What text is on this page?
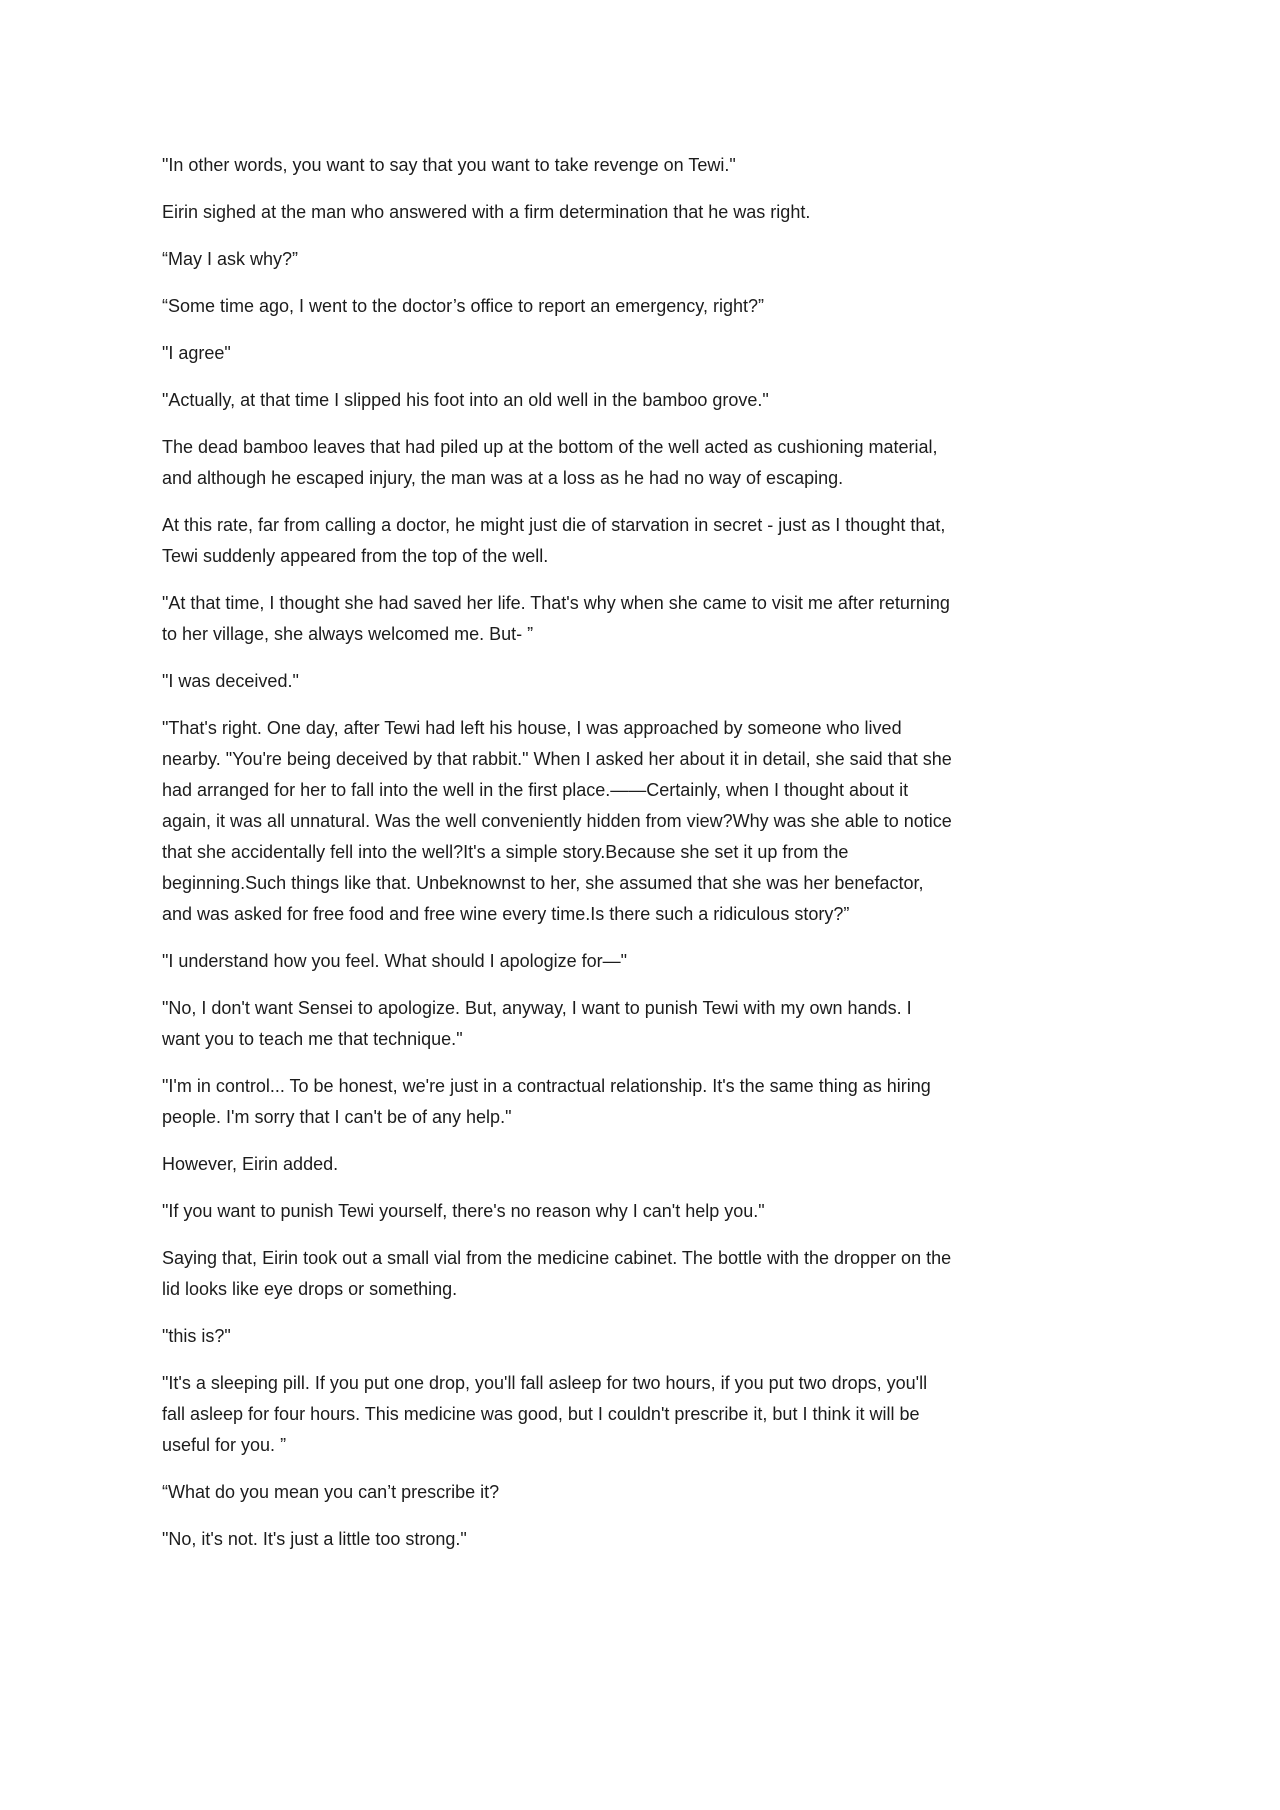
"In other words, you want to say that you want to take revenge on Tewi."

Eirin sighed at the man who answered with a firm determination that he was right.

“May I ask why?”

“Some time ago, I went to the doctor’s office to report an emergency, right?”

"I agree"

"Actually, at that time I slipped his foot into an old well in the bamboo grove."

The dead bamboo leaves that had piled up at the bottom of the well acted as cushioning material, and although he escaped injury, the man was at a loss as he had no way of escaping.

At this rate, far from calling a doctor, he might just die of starvation in secret - just as I thought that, Tewi suddenly appeared from the top of the well.

"At that time, I thought she had saved her life. That's why when she came to visit me after returning to her village, she always welcomed me. But- ”

"I was deceived."

"That's right. One day, after Tewi had left his house, I was approached by someone who lived nearby. "You're being deceived by that rabbit." When I asked her about it in detail, she said that she had arranged for her to fall into the well in the first place.——Certainly, when I thought about it again, it was all unnatural. Was the well conveniently hidden from view?Why was she able to notice that she accidentally fell into the well?It's a simple story.Because she set it up from the beginning.Such things like that. Unbeknownst to her, she assumed that she was her benefactor, and was asked for free food and free wine every time.Is there such a ridiculous story?”

"I understand how you feel. What should I apologize for—"

"No, I don't want Sensei to apologize. But, anyway, I want to punish Tewi with my own hands. I want you to teach me that technique."

"I'm in control... To be honest, we're just in a contractual relationship. It's the same thing as hiring people. I'm sorry that I can't be of any help."

However, Eirin added.

"If you want to punish Tewi yourself, there's no reason why I can't help you."

Saying that, Eirin took out a small vial from the medicine cabinet. The bottle with the dropper on the lid looks like eye drops or something.

"this is?"

"It's a sleeping pill. If you put one drop, you'll fall asleep for two hours, if you put two drops, you'll fall asleep for four hours. This medicine was good, but I couldn't prescribe it, but I think it will be useful for you. ”

“What do you mean you can’t prescribe it?

"No, it's not. It's just a little too strong."
